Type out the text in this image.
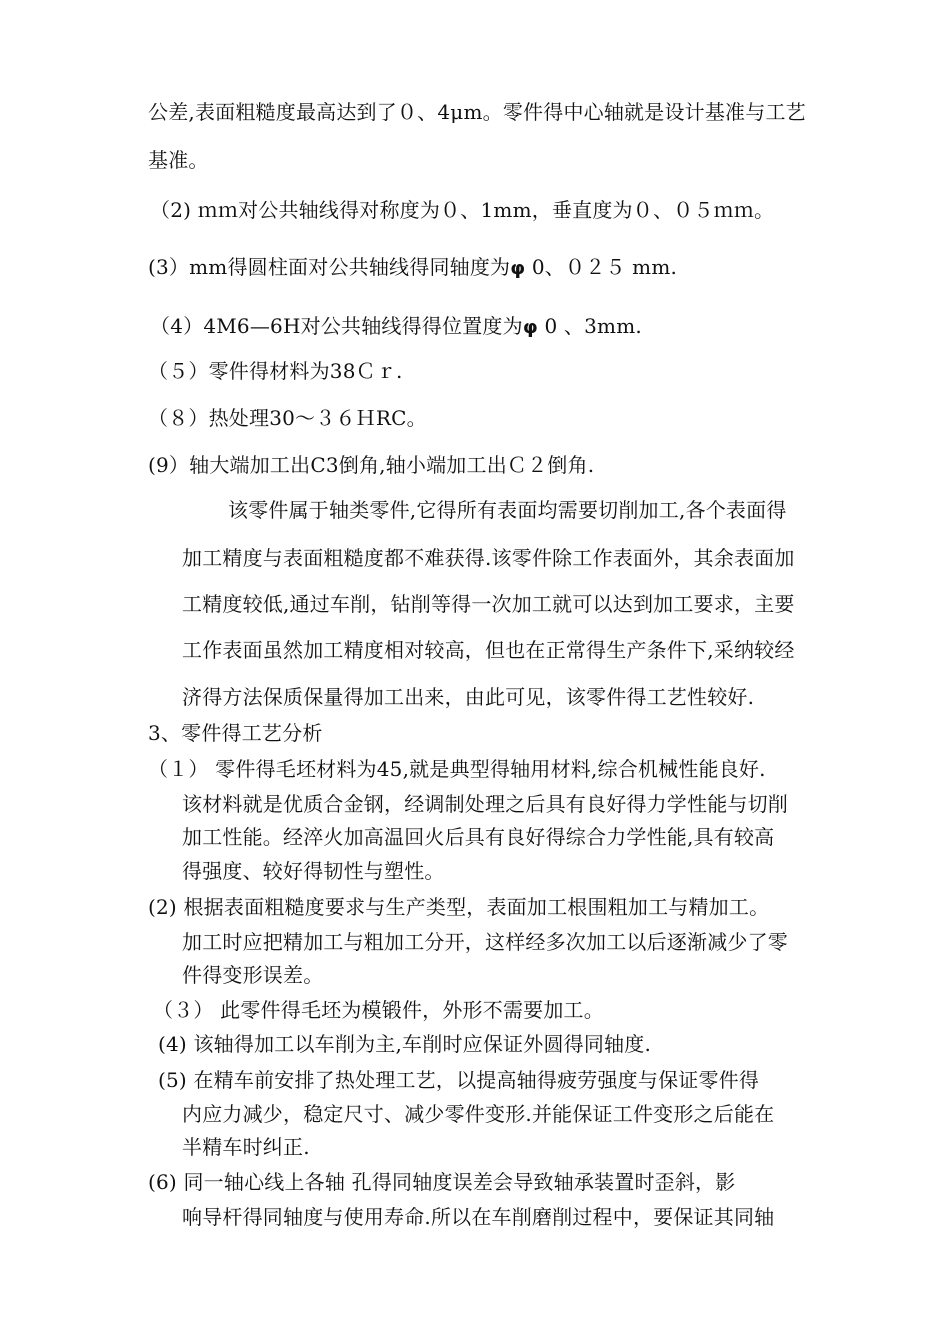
公差,表面粗糙度最高达到了０、4μm。零件得中心轴就是设计基准与工艺
基准。
（2) ｍｍ对公共轴线得对称度为０、1mm，垂直度为０、０５ｍｍ。
(3）mm得圆柱面对公共轴线得同轴度为φ 0、０２５ mm.
（4）4M6—6H对公共轴线得得位置度为φ 0 、3mm.
（５）零件得材料为38Ｃｒ.
（８）热处理30～３６ＨRC。
(9）轴大端加工出C3倒角,轴小端加工出Ｃ２倒角.
该零件属于轴类零件,它得所有表面均需要切削加工,各个表面得
加工精度与表面粗糙度都不难获得.该零件除工作表面外，其余表面加
工精度较低,通过车削，钻削等得一次加工就可以达到加工要求，主要
工作表面虽然加工精度相对较高，但也在正常得生产条件下,采纳较经
济得方法保质保量得加工出来，由此可见，该零件得工艺性较好.
3、零件得工艺分析
（１） 零件得毛坯材料为45,就是典型得轴用材料,综合机械性能良好.
该材料就是优质合金钢，经调制处理之后具有良好得力学性能与切削
加工性能。经淬火加高温回火后具有良好得综合力学性能,具有较高
得强度、较好得韧性与塑性。
(2) 根据表面粗糙度要求与生产类型，表面加工根围粗加工与精加工。
加工时应把精加工与粗加工分开，这样经多次加工以后逐渐减少了零
件得变形误差。
（３） 此零件得毛坯为模锻件，外形不需要加工。
(4) 该轴得加工以车削为主,车削时应保证外圆得同轴度.
(5) 在精车前安排了热处理工艺，以提高轴得疲劳强度与保证零件得
内应力减少，稳定尺寸、减少零件变形.并能保证工件变形之后能在
半精车时纠正.
(6) 同一轴心线上各轴 孔得同轴度误差会导致轴承装置时歪斜，影
响导杆得同轴度与使用寿命.所以在车削磨削过程中，要保证其同轴
